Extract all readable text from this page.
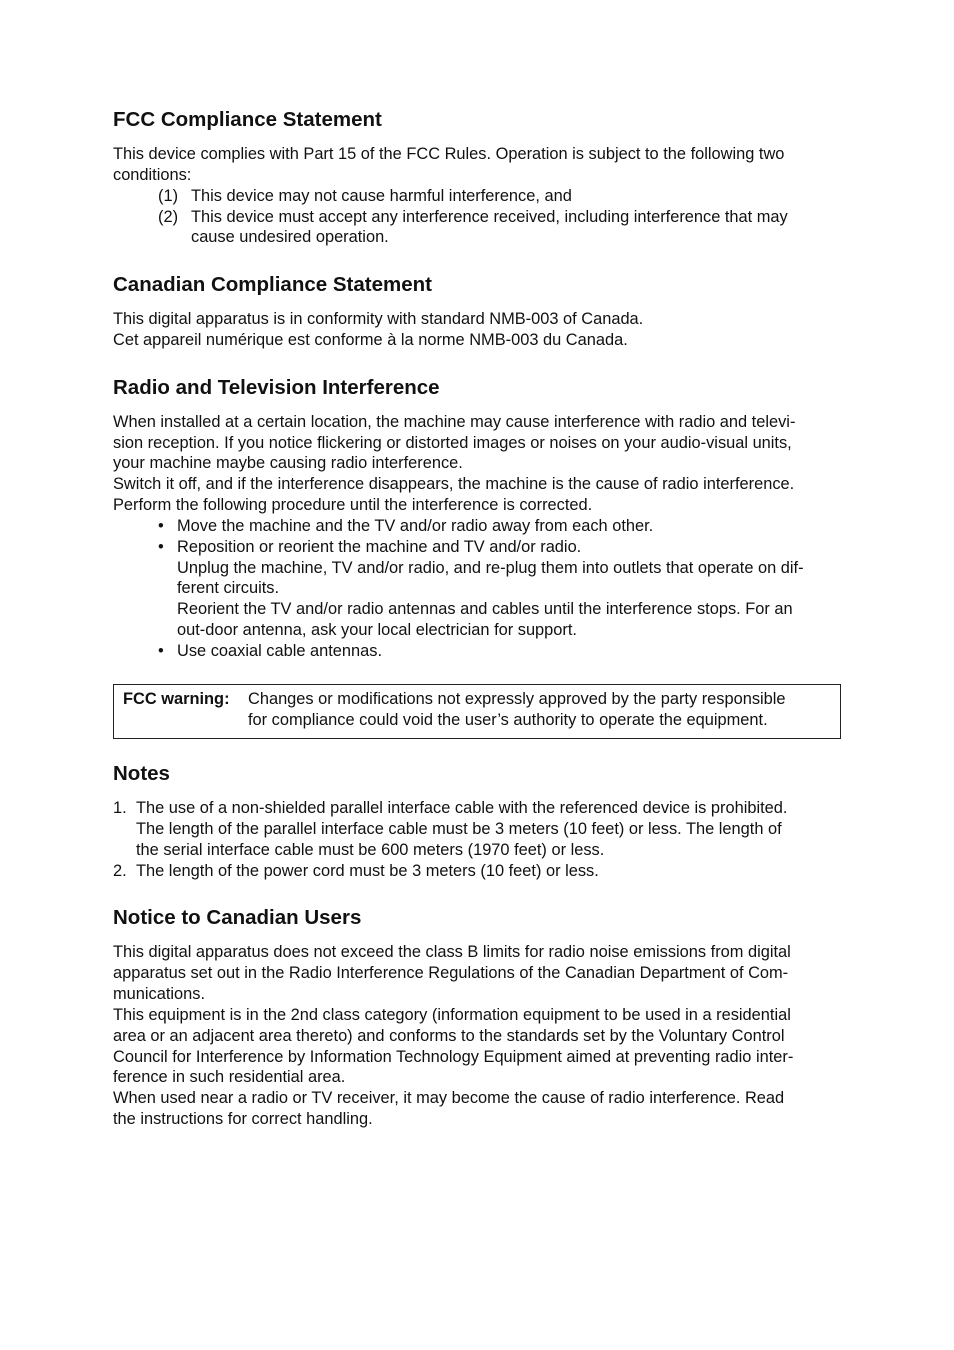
FCC Compliance Statement

This device complies with Part 15 of the FCC Rules. Operation is subject to the following two

conditions:

(1) This device may not cause harmful interference, and

(2) This device must accept any interference received, including interference that may

cause undesired operation.

Canadian Compliance Statement

This digital apparatus is in conformity with standard NMB-003 of Canada.

Cet appareil numérique est conforme à la norme NMB-003 du Canada.

Radio and Television Interference

When installed at a certain location, the machine may cause interference with radio and televi-

sion reception. If you notice flickering or distorted images or noises on your audio-visual units,

your machine maybe causing radio interference.

Switch it off, and if the interference disappears, the machine is the cause of radio interference.

Perform the following procedure until the interference is corrected.

• Move the machine and the TV and/or radio away from each other.

• Reposition or reorient the machine and TV and/or radio.

Unplug the machine, TV and/or radio, and re-plug them into outlets that operate on dif-

ferent circuits.

Reorient the TV and/or radio antennas and cables until the interference stops. For an

out-door antenna, ask your local electrician for support.

• Use coaxial cable antennas.

FCC warning: Changes or modifications not expressly approved by the party responsible

for compliance could void the user’s authority to operate the equipment.

Notes
1. The use of a non-shielded parallel interface cable with the referenced device is prohibited.

The length of the parallel interface cable must be 3 meters (10 feet) or less. The length of

the serial interface cable must be 600 meters (1970 feet) or less.

2. The length of the power cord must be 3 meters (10 feet) or less.

Notice to Canadian Users

This digital apparatus does not exceed the class B limits for radio noise emissions from digital

apparatus set out in the Radio Interference Regulations of the Canadian Department of Com-

munications.

This equipment is in the 2nd class category (information equipment to be used in a residential

area or an adjacent area thereto) and conforms to the standards set by the Voluntary Control

Council for Interference by Information Technology Equipment aimed at preventing radio inter-

ference in such residential area.

When used near a radio or TV receiver, it may become the cause of radio interference. Read

the instructions for correct handling.
